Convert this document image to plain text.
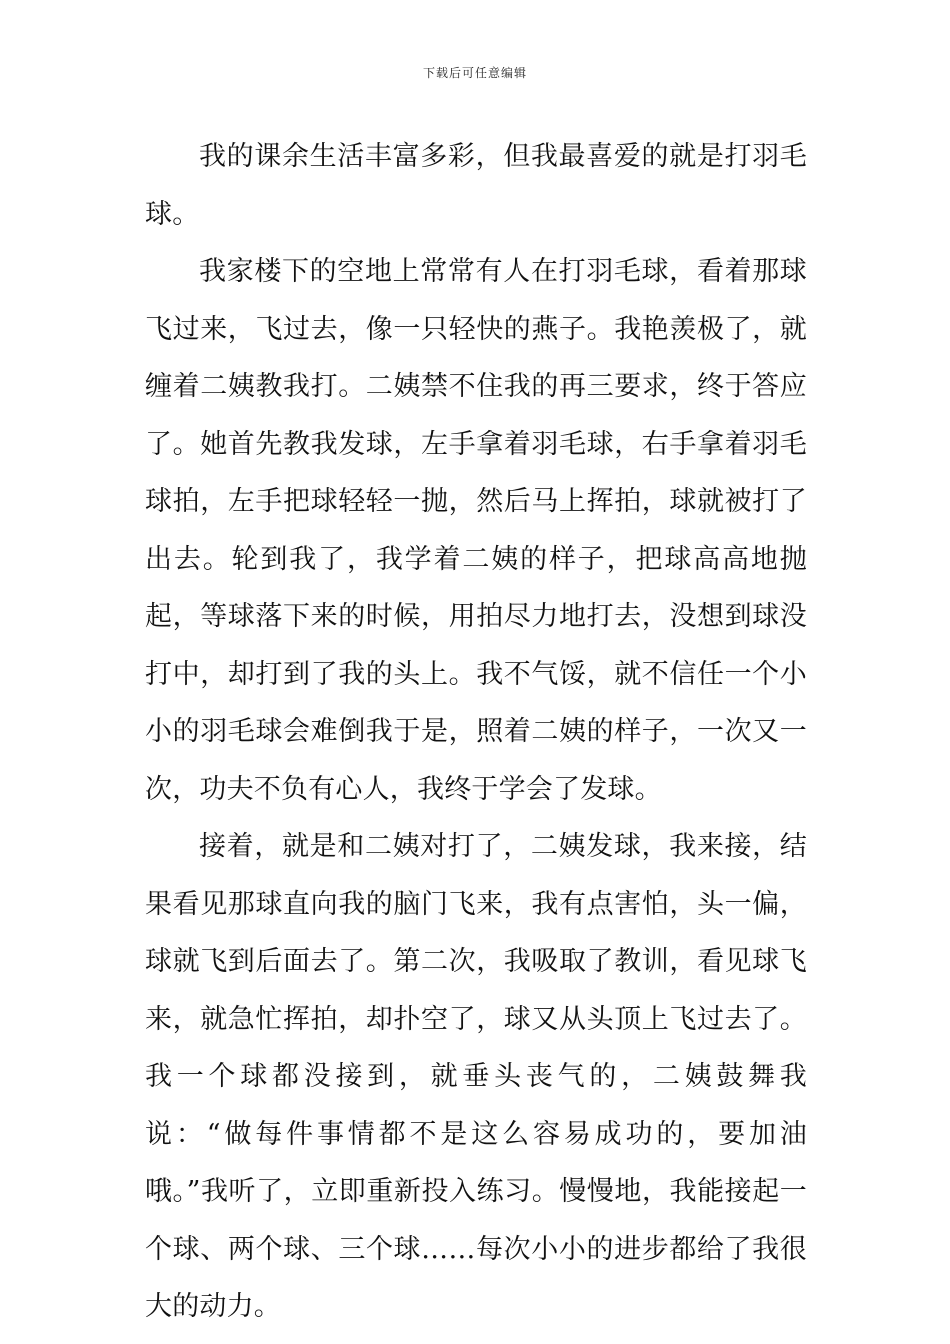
下载后可任意编辑

我的课余生活丰富多彩，但我最喜爱的就是打羽毛球。

我家楼下的空地上常常有人在打羽毛球，看着那球飞过来，飞过去，像一只轻快的燕子。我艳羡极了，就缠着二姨教我打。二姨禁不住我的再三要求，终于答应了。她首先教我发球，左手拿着羽毛球，右手拿着羽毛球拍，左手把球轻轻一抛，然后马上挥拍，球就被打了出去。轮到我了，我学着二姨的样子，把球高高地抛起，等球落下来的时候，用拍尽力地打去，没想到球没打中，却打到了我的头上。我不气馁，就不信任一个小小的羽毛球会难倒我于是，照着二姨的样子，一次又一次，功夫不负有心人，我终于学会了发球。

接着，就是和二姨对打了，二姨发球，我来接，结果看见那球直向我的脑门飞来，我有点害怕，头一偏，球就飞到后面去了。第二次，我吸取了教训，看见球飞来，就急忙挥拍，却扑空了，球又从头顶上飞过去了。我一个球都没接到，就垂头丧气的，二姨鼓舞我说：“做每件事情都不是这么容易成功的，要加油哦。”我听了，立即重新投入练习。慢慢地，我能接起一个球、两个球、三个球……每次小小的进步都给了我很大的动力。
